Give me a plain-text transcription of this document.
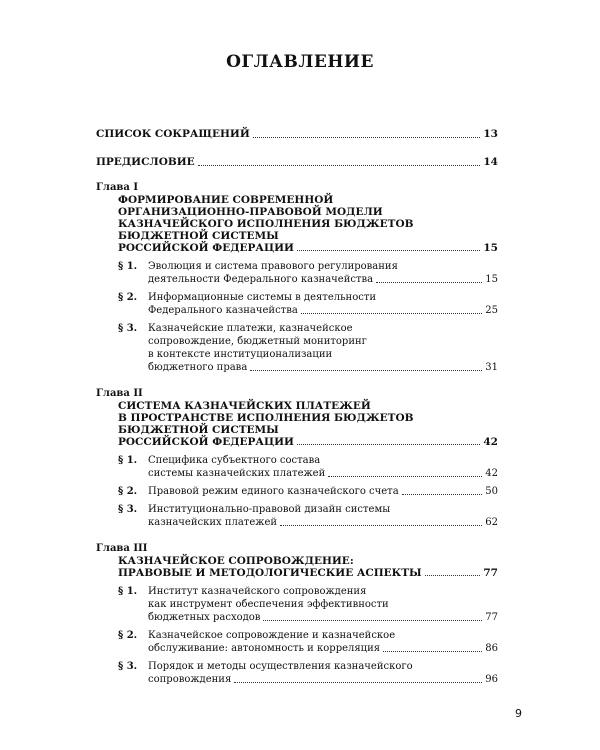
ОГЛАВЛЕНИЕ
СПИСОК СОКРАЩЕНИЙ	13
ПРЕДИСЛОВИЕ	14
Глава I
ФОРМИРОВАНИЕ СОВРЕМЕННОЙ
ОРГАНИЗАЦИОННО-ПРАВОВОЙ МОДЕЛИ
КАЗНАЧЕЙСКОГО ИСПОЛНЕНИЯ БЮДЖЕТОВ
БЮДЖЕТНОЙ СИСТЕМЫ
РОССИЙСКОЙ ФЕДЕРАЦИИ	15
§ 1.	Эволюция и система правового регулирования
деятельности Федерального казначейства	15
§ 2.	Информационные системы в деятельности
Федерального казначейства	25
§ 3.	Казначейские платежи, казначейское
сопровождение, бюджетный мониторинг
в контексте институционализации
бюджетного права	31
Глава II
СИСТЕМА КАЗНАЧЕЙСКИХ ПЛАТЕЖЕЙ
В ПРОСТРАНСТВЕ ИСПОЛНЕНИЯ БЮДЖЕТОВ
БЮДЖЕТНОЙ СИСТЕМЫ
РОССИЙСКОЙ ФЕДЕРАЦИИ	42
§ 1.	Специфика субъектного состава
системы казначейских платежей	42
§ 2.	Правовой режим единого казначейского счета	50
§ 3.	Институционально-правовой дизайн системы
казначейских платежей	62
Глава III
КАЗНАЧЕЙСКОЕ СОПРОВОЖДЕНИЕ:
ПРАВОВЫЕ И МЕТОДОЛОГИЧЕСКИЕ АСПЕКТЫ	77
§ 1.	Институт казначейского сопровождения
как инструмент обеспечения эффективности
бюджетных расходов	77
§ 2.	Казначейское сопровождение и казначейское
обслуживание: автономность и корреляция	86
§ 3.	Порядок и методы осуществления казначейского
сопровождения	96
9
